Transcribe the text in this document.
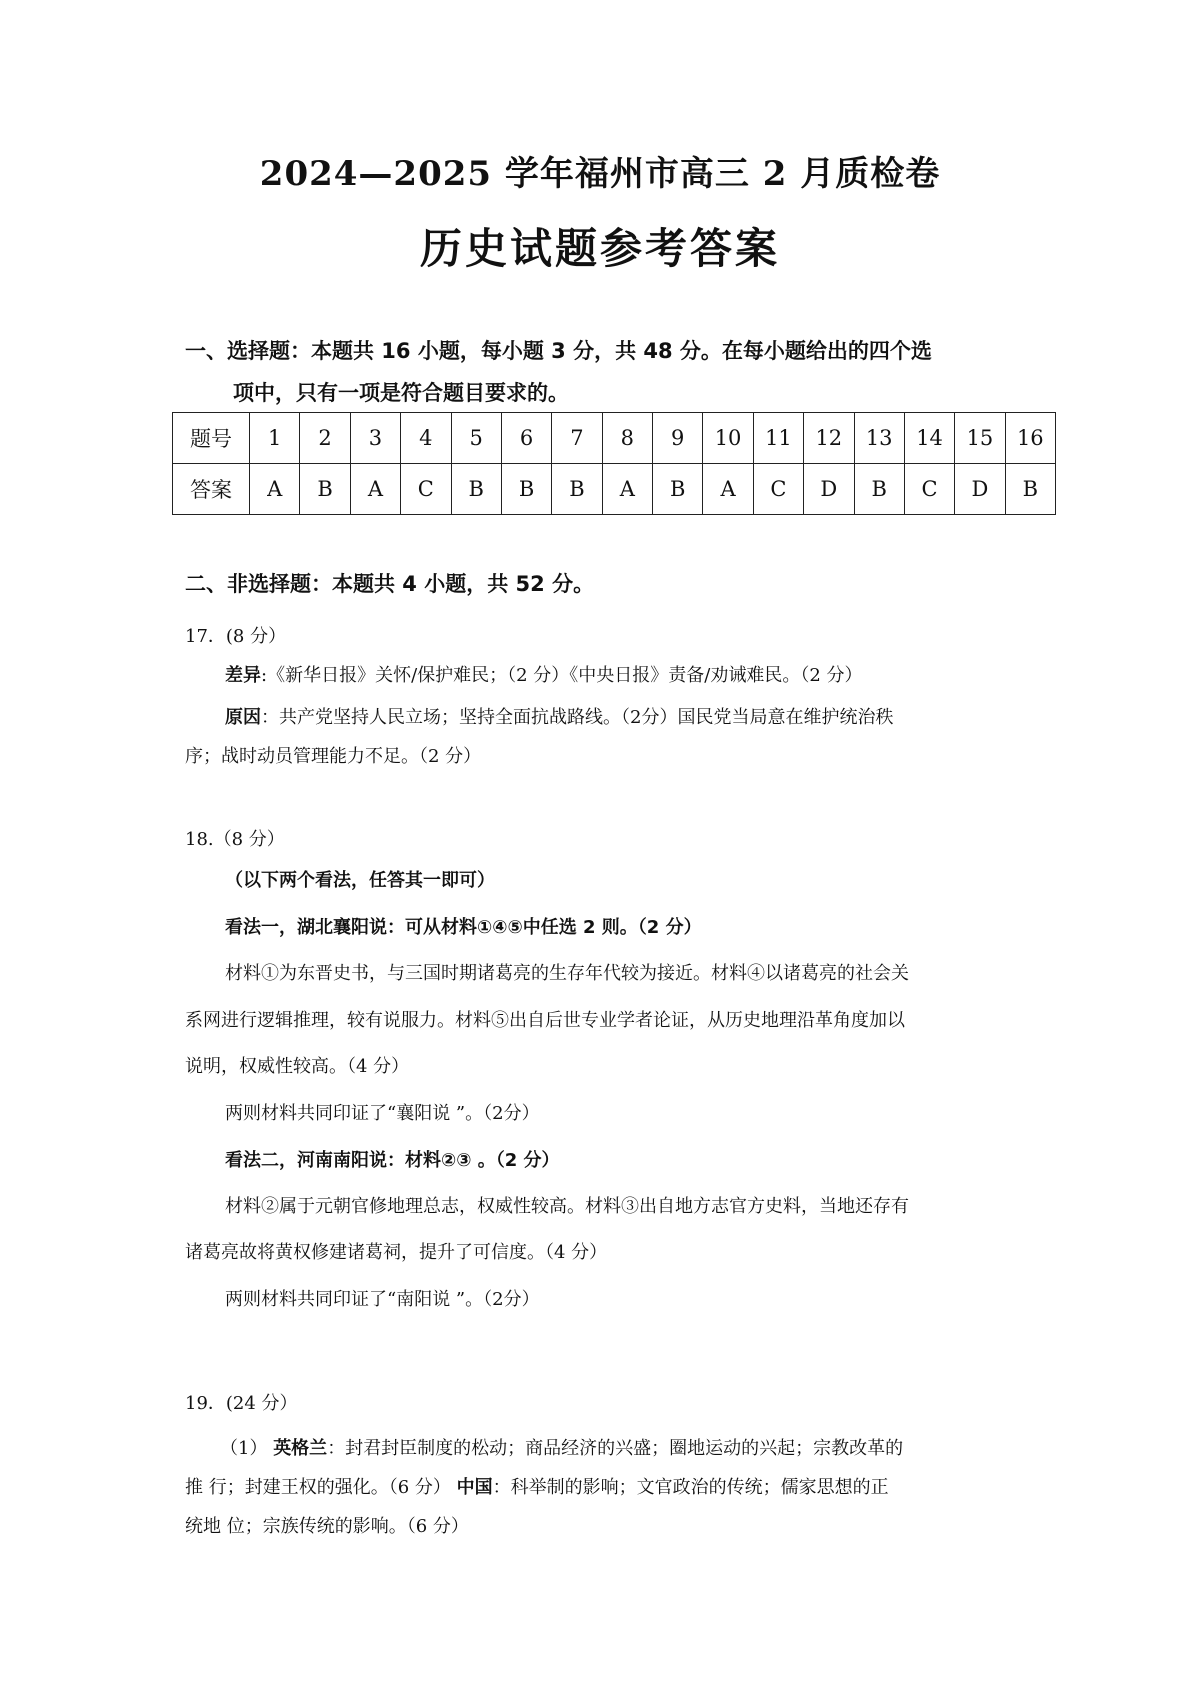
2024—2025 学年福州市高三 2 月质检卷
历史试题参考答案
一、选择题：本题共 16 小题，每小题 3 分，共 48 分。在每小题给出的四个选
项中，只有一项是符合题目要求的。
题号	1	2	3	4	5	6	7	8	9	10	11	12	13	14	15	16
答案	A	B	A	C	B	B	B	A	B	A	C	D	B	C	D	B
二、非选择题：本题共 4 小题，共 52 分。
17．(8 分）
差异:《新华日报》关怀/保护难民；（2 分）《中央日报》责备/劝诫难民。（2 分）
原因：共产党坚持人民立场；坚持全面抗战路线。（2分）国民党当局意在维护统治秩
序；战时动员管理能力不足。（2 分）
18.（8 分）
（以下两个看法，任答其一即可）
看法一，湖北襄阳说：可从材料①④⑤中任选 2 则。（2 分）
材料①为东晋史书，与三国时期诸葛亮的生存年代较为接近。材料④以诸葛亮的社会关
系网进行逻辑推理，较有说服力。材料⑤出自后世专业学者论证，从历史地理沿革角度加以
说明，权威性较高。（4 分）
两则材料共同印证了“襄阳说 ”。（2分）
看法二，河南南阳说：材料②③ 。（2 分）
材料②属于元朝官修地理总志，权威性较高。材料③出自地方志官方史料，当地还存有
诸葛亮故将黄权修建诸葛祠，提升了可信度。（4 分）
两则材料共同印证了“南阳说 ”。（2分）
19．(24 分）
（1） 英格兰：封君封臣制度的松动；商品经济的兴盛；圈地运动的兴起；宗教改革的
推 行；封建王权的强化。（6 分） 中国：科举制的影响；文官政治的传统；儒家思想的正
统地 位；宗族传统的影响。（6 分）
